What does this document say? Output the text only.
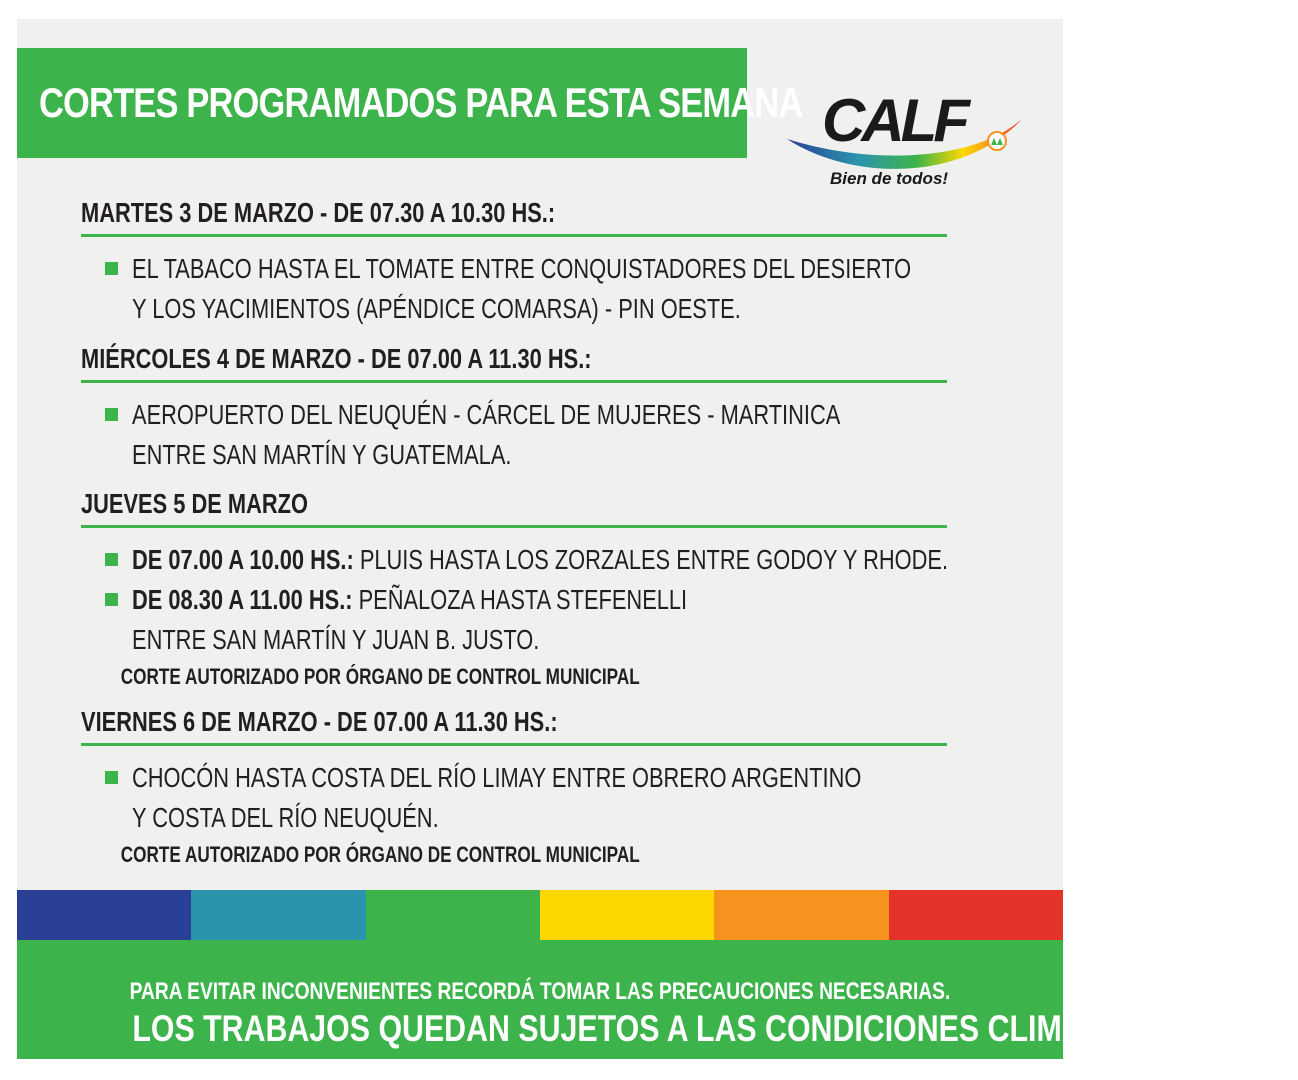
CORTES PROGRAMADOS PARA ESTA SEMANA CALF
Bien de todos!
MARTES 3 DE MARZO - DE 07.30 A 10.30 HS.:
EL TABACO HASTA EL TOMATE ENTRE CONQUISTADORES DEL DESIERTO
Y LOS YACIMIENTOS (APÉNDICE COMARSA) - PIN OESTE.
MIÉRCOLES 4 DE MARZO - DE 07.00 A 11.30 HS.:
AEROPUERTO DEL NEUQUÉN - CÁRCEL DE MUJERES - MARTINICA
ENTRE SAN MARTÍN Y GUATEMALA.
JUEVES 5 DE MARZO
DE 07.00 A 10.00 HS.: PLUIS HASTA LOS ZORZALES ENTRE GODOY Y RHODE.
DE 08.30 A 11.00 HS.: PEÑALOZA HASTA STEFENELLI
ENTRE SAN MARTÍN Y JUAN B. JUSTO.
CORTE AUTORIZADO POR ÓRGANO DE CONTROL MUNICIPAL
VIERNES 6 DE MARZO - DE 07.00 A 11.30 HS.:
CHOCÓN HASTA COSTA DEL RÍO LIMAY ENTRE OBRERO ARGENTINO
Y COSTA DEL RÍO NEUQUÉN.
CORTE AUTORIZADO POR ÓRGANO DE CONTROL MUNICIPAL
PARA EVITAR INCONVENIENTES RECORDÁ TOMAR LAS PRECAUCIONES NECESARIAS.
LOS TRABAJOS QUEDAN SUJETOS A LAS CONDICIONES CLIMÁTICAS.
